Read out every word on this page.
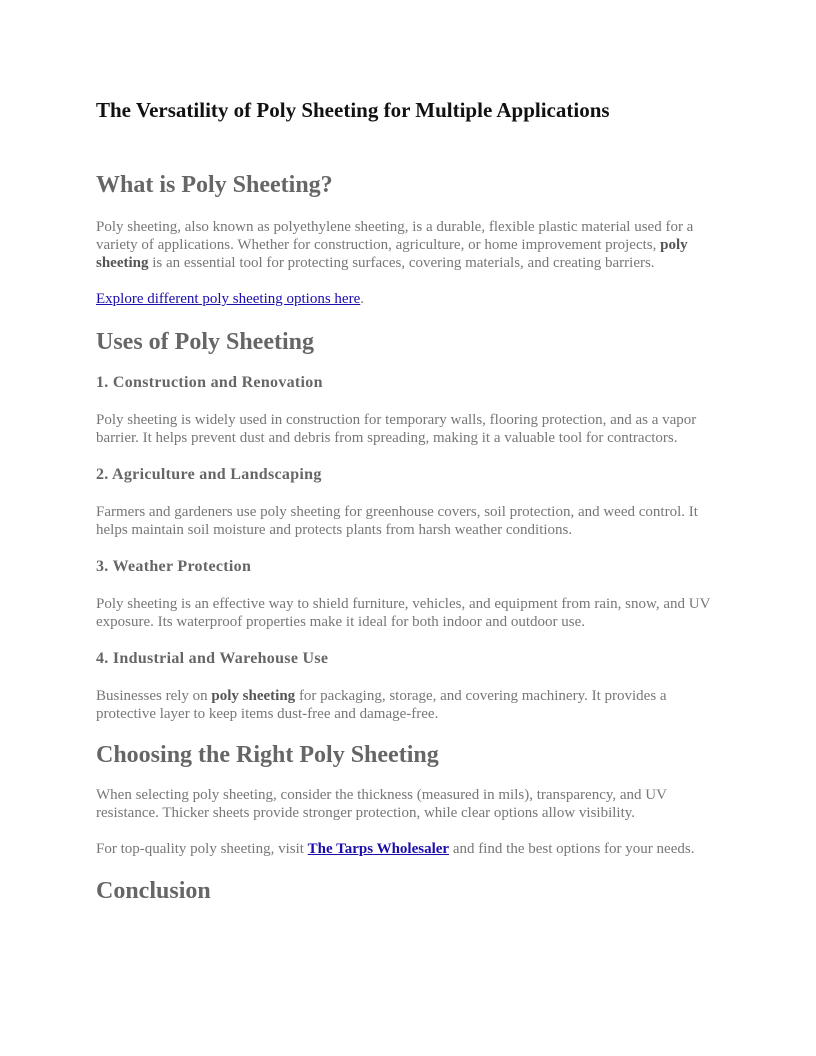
The Versatility of Poly Sheeting for Multiple Applications
What is Poly Sheeting?

Poly sheeting, also known as polyethylene sheeting, is a durable, flexible plastic material used for a variety of applications. Whether for construction, agriculture, or home improvement projects, poly sheeting is an essential tool for protecting surfaces, covering materials, and creating barriers.

Explore different poly sheeting options here.

Uses of Poly Sheeting
1. Construction and Renovation

Poly sheeting is widely used in construction for temporary walls, flooring protection, and as a vapor barrier. It helps prevent dust and debris from spreading, making it a valuable tool for contractors.

2. Agriculture and Landscaping

Farmers and gardeners use poly sheeting for greenhouse covers, soil protection, and weed control. It helps maintain soil moisture and protects plants from harsh weather conditions.

3. Weather Protection

Poly sheeting is an effective way to shield furniture, vehicles, and equipment from rain, snow, and UV exposure. Its waterproof properties make it ideal for both indoor and outdoor use.

4. Industrial and Warehouse Use

Businesses rely on poly sheeting for packaging, storage, and covering machinery. It provides a protective layer to keep items dust-free and damage-free.

Choosing the Right Poly Sheeting

When selecting poly sheeting, consider the thickness (measured in mils), transparency, and UV resistance. Thicker sheets provide stronger protection, while clear options allow visibility.

For top-quality poly sheeting, visit The Tarps Wholesaler and find the best options for your needs.

Conclusion
